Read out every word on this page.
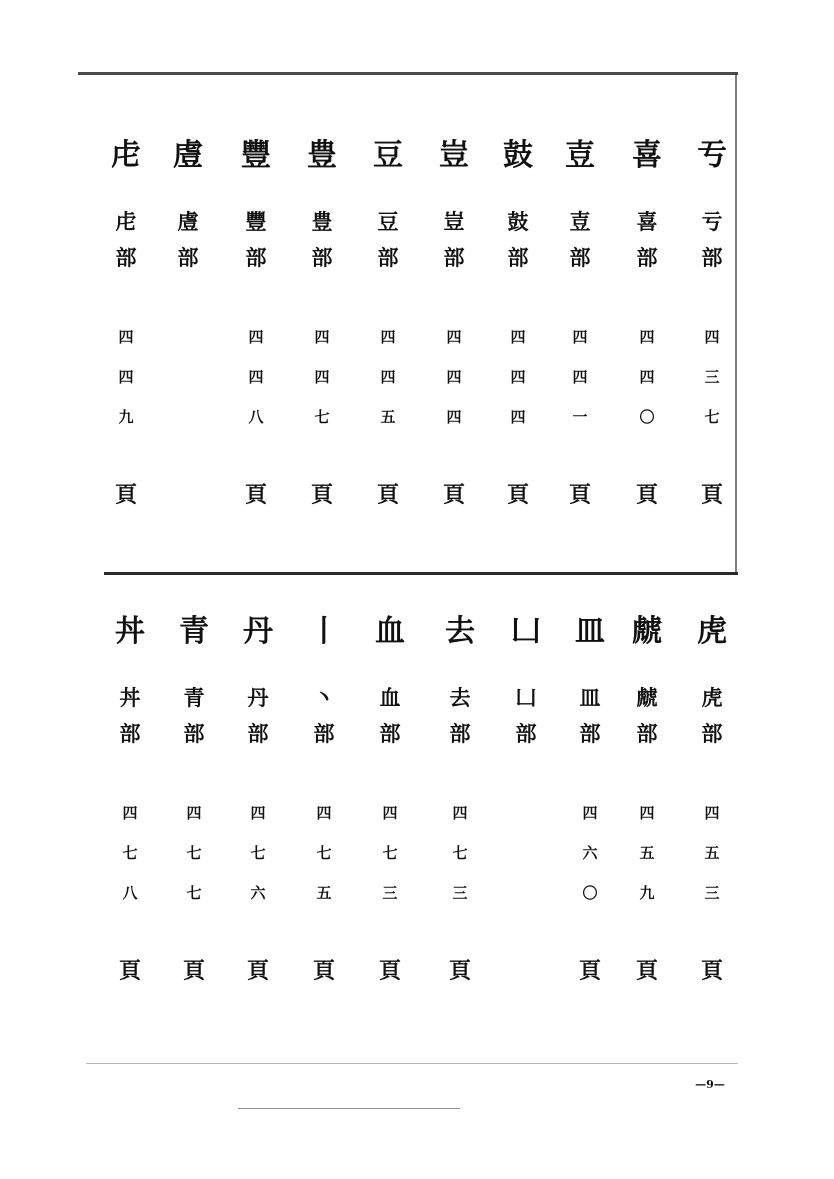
亐
亏
部
四
三
七
頁
喜
喜
部
四
四
〇
頁
壴
壴
部
四
四
一
頁
鼓
鼓
部
四
四
四
頁
豈
豈
部
四
四
四
頁
豆
豆
部
四
四
五
頁
豊
豊
部
四
四
七
頁
豐
豐
部
四
四
八
頁
䖒
䖒
部
虍
虍
部
四
四
九
頁
虎
虎
部
四
五
三
頁
虤
虤
部
四
五
九
頁
皿
皿
部
四
六
〇
頁
凵
凵
部
去
去
部
四
七
三
頁
血
血
部
四
七
三
頁
丨
丶
部
四
七
五
頁
丹
丹
部
四
七
六
頁
青
青
部
四
七
七
頁
丼
丼
部
四
七
八
頁
—9—
